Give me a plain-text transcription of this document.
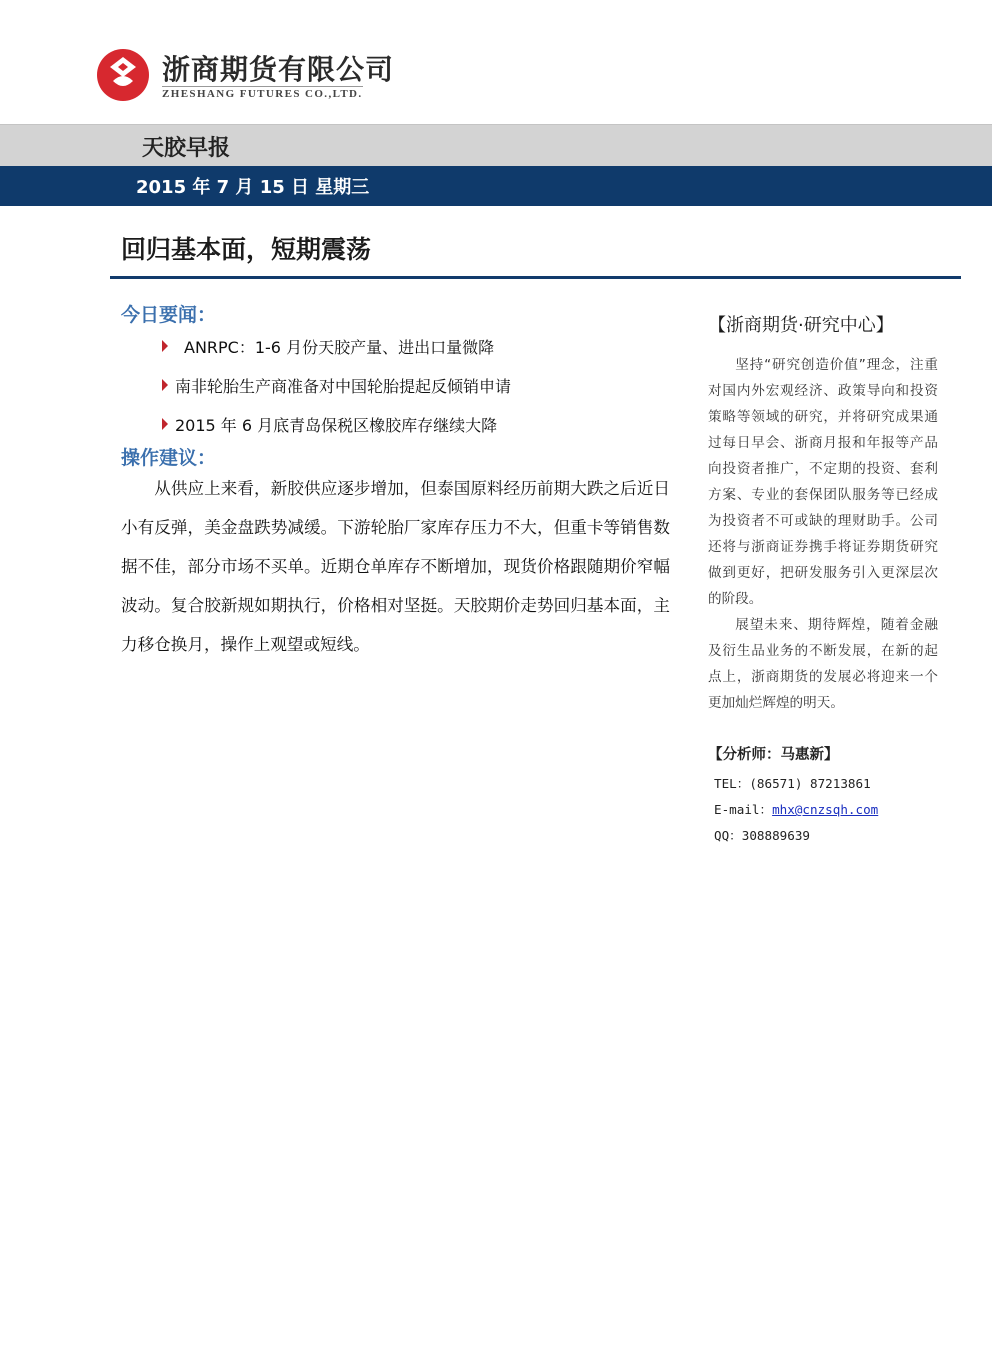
浙商期货有限公司
ZHESHANG FUTURES CO.,LTD.
天胶早报
2015 年 7 月 15 日 星期三
回归基本面，短期震荡
今日要闻：
ANRPC：1-6 月份天胶产量、进出口量微降
南非轮胎生产商准备对中国轮胎提起反倾销申请
2015 年 6 月底青岛保税区橡胶库存继续大降
操作建议：

从供应上来看，新胶供应逐步增加，但泰国原料经历前期大跌之后近日小有反弹，美金盘跌势减缓。下游轮胎厂家库存压力不大，但重卡等销售数据不佳，部分市场不买单。近期仓单库存不断增加，现货价格跟随期价窄幅波动。复合胶新规如期执行，价格相对坚挺。天胶期价走势回归基本面，主力移仓换月，操作上观望或短线。

【浙商期货·研究中心】

坚持“研究创造价值”理念，注重对国内外宏观经济、政策导向和投资策略等领域的研究，并将研究成果通过每日早会、浙商月报和年报等产品向投资者推广，不定期的投资、套利方案、专业的套保团队服务等已经成为投资者不可或缺的理财助手。公司还将与浙商证券携手将证券期货研究做到更好，把研发服务引入更深层次的阶段。

展望未来、期待辉煌，随着金融及衍生品业务的不断发展，在新的起点上，浙商期货的发展必将迎来一个更加灿烂辉煌的明天。

【分析师：马惠新】
TEL：(86571) 87213861
E-mail：mhx@cnzsqh.com
QQ：308889639
